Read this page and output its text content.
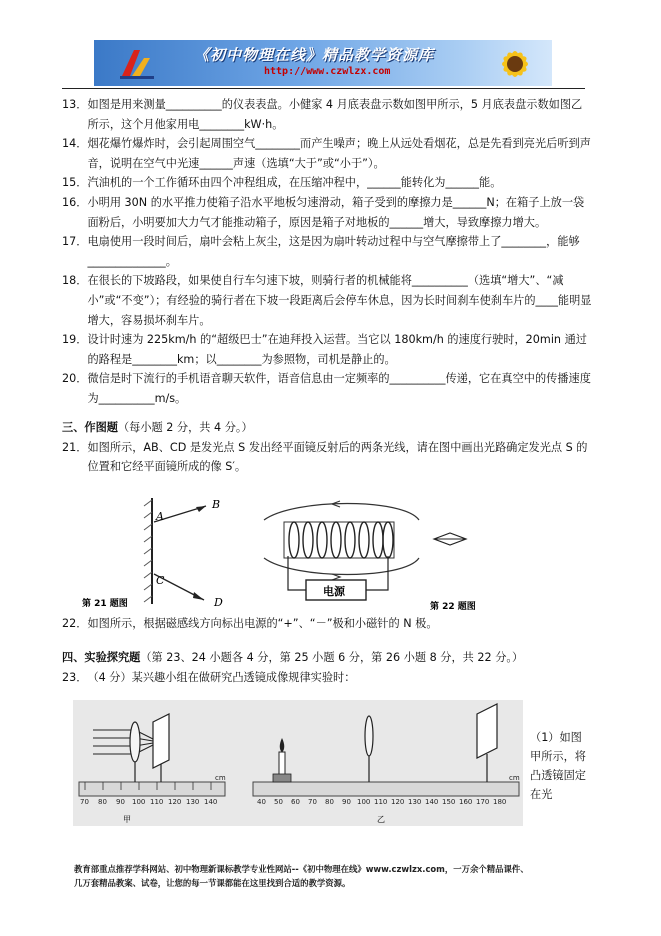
《初中物理在线》精品教学资源库
http://www.czwlzx.com
13． 如图是用来测量__________的仪表表盘。小健家 4 月底表盘示数如图甲所示，5 月底表盘示数如图乙所示，这个月他家用电________kW·h。
14． 烟花爆竹爆炸时，会引起周围空气________而产生噪声；晚上从远处看烟花，总是先看到亮光后听到声音，说明在空气中光速______声速（选填“大于”或“小于”）。
15． 汽油机的一个工作循环由四个冲程组成，在压缩冲程中，______能转化为______能。
16． 小明用 30N 的水平推力使箱子沿水平地板匀速滑动，箱子受到的摩擦力是______N；在箱子上放一袋面粉后，小明要加大力气才能推动箱子，原因是箱子对地板的______增大，导致摩擦力增大。
17． 电扇使用一段时间后，扇叶会粘上灰尘，这是因为扇叶转动过程中与空气摩擦带上了________，能够______________。
18． 在很长的下坡路段，如果使自行车匀速下坡，则骑行者的机械能将__________（选填“增大”、“减小”或“不变”）；有经验的骑行者在下坡一段距离后会停车休息，因为长时间刹车使刹车片的____能明显增大，容易损坏刹车片。
19． 设计时速为 225km/h 的“超级巴士”在迪拜投入运营。当它以 180km/h 的速度行驶时，20min 通过的路程是________km；以________为参照物，司机是静止的。
20． 微信是时下流行的手机语音聊天软件，语音信息由一定频率的__________传递，它在真空中的传播速度为__________m/s。
三、作图题（每小题 2 分，共 4 分。）
21． 如图所示，AB、CD 是发光点 S 发出经平面镜反射后的两条光线，请在图中画出光路确定发光点 S 的位置和它经平面镜所成的像 S′。
A
B
C
D
第 21 题图
电源
第 22 题图
22． 如图所示，根据磁感线方向标出电源的“+”、“－”极和小磁针的 N 极。
四、实验探究题（第 23、24 小题各 4 分，第 25 小题 6 分，第 26 小题 8 分，共 22 分。）
23． （4 分）某兴趣小组在做研究凸透镜成像规律实验时：
70 80 90 100 110 120 130 140
cm
甲
40 50 60 70 80 90 100 110 120 130 140 150 160 170 180
cm
乙
（1）如图甲所示，将凸透镜固定在光
教育部重点推荐学科网站、初中物理新课标教学专业性网站--《初中物理在线》www.czwlzx.com，一万余个精品课件、
几万套精品教案、试卷，让您的每一节课都能在这里找到合适的教学资源。
